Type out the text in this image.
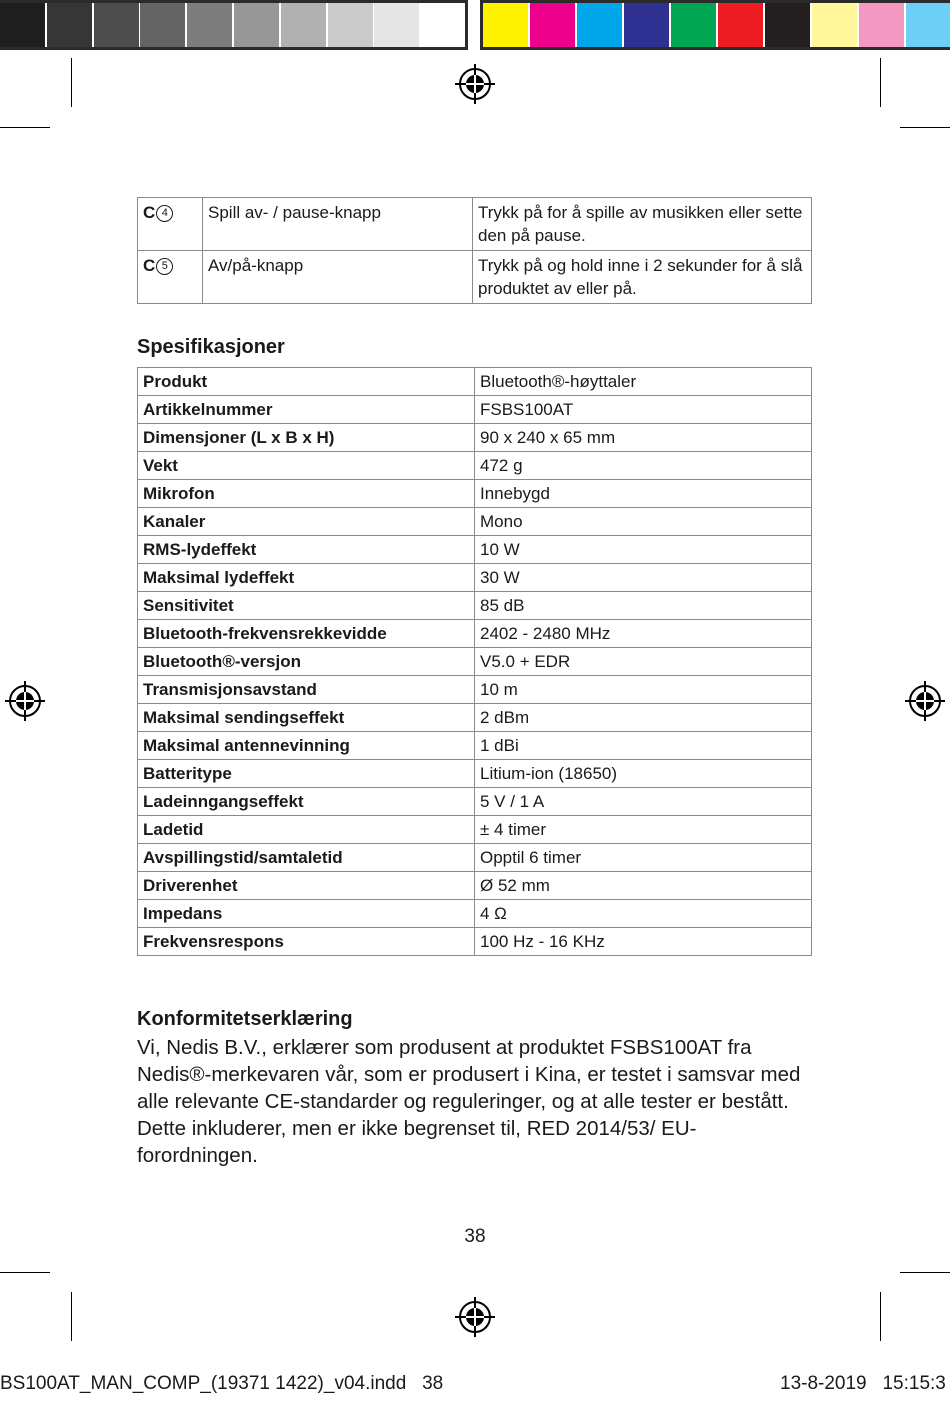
C 4	Spill av- / pause-knapp	Trykk på for å spille av musikken eller sette den på pause.
C 5	Av/på-knapp	Trykk på og hold inne i 2 sekunder for å slå produktet av eller på.
Spesifikasjoner
Produkt	Bluetooth®-høyttaler
Artikkelnummer	FSBS100AT
Dimensjoner (L x B x H)	90 x 240 x 65 mm
Vekt	472 g
Mikrofon	Innebygd
Kanaler	Mono
RMS-lydeffekt	10 W
Maksimal lydeffekt	30 W
Sensitivitet	85 dB
Bluetooth-frekvensrekkevidde	2402 - 2480 MHz
Bluetooth®-versjon	V5.0 + EDR
Transmisjonsavstand	10 m
Maksimal sendingseffekt	2 dBm
Maksimal antennevinning	1 dBi
Batteritype	Litium-ion (18650)
Ladeinngangseffekt	5 V / 1 A
Ladetid	± 4 timer
Avspillingstid/samtaletid	Opptil 6 timer
Driverenhet	Ø 52 mm
Impedans	4 Ω
Frekvensrespons	100 Hz - 16 KHz
Konformitetserklæring

Vi, Nedis B.V., erklærer som produsent at produktet FSBS100AT fra Nedis®-merkevaren vår, som er produsert i Kina, er testet i samsvar med alle relevante CE-standarder og reguleringer, og at alle tester er bestått. Dette inkluderer, men er ikke begrenset til, RED 2014/53/ EU-forordningen.

38
BS100AT_MAN_COMP_(19371 1422)_v04.indd   38	13-8-2019   15:15:3
